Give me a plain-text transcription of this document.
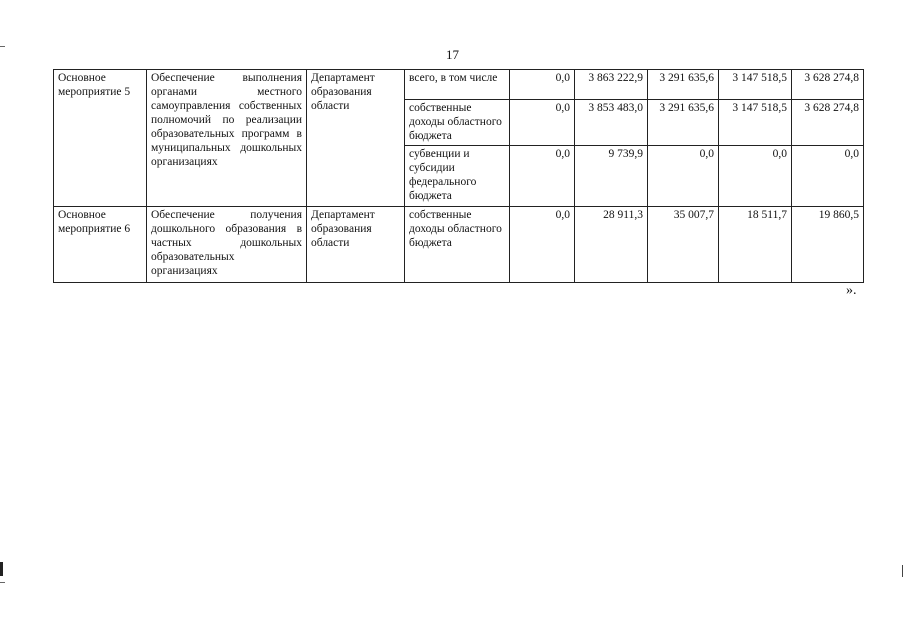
17
Основное мероприятие 5	Обеспечение выполнения органами местного самоуправления собственных полномочий по реализации образовательных программ в муниципальных дошкольных организациях	Департамент образования области	всего, в том числе	0,0	3 863 222,9	3 291 635,6	3 147 518,5	3 628 274,8
			собственные доходы областного бюджета	0,0	3 853 483,0	3 291 635,6	3 147 518,5	3 628 274,8
			субвенции и субсидии федерального бюджета	0,0	9 739,9	0,0	0,0	0,0
Основное мероприятие 6	Обеспечение получения дошкольного образования в частных дошкольных образовательных организациях	Департамент образования области	собственные доходы областного бюджета	0,0	28 911,3	35 007,7	18 511,7	19 860,5
».
